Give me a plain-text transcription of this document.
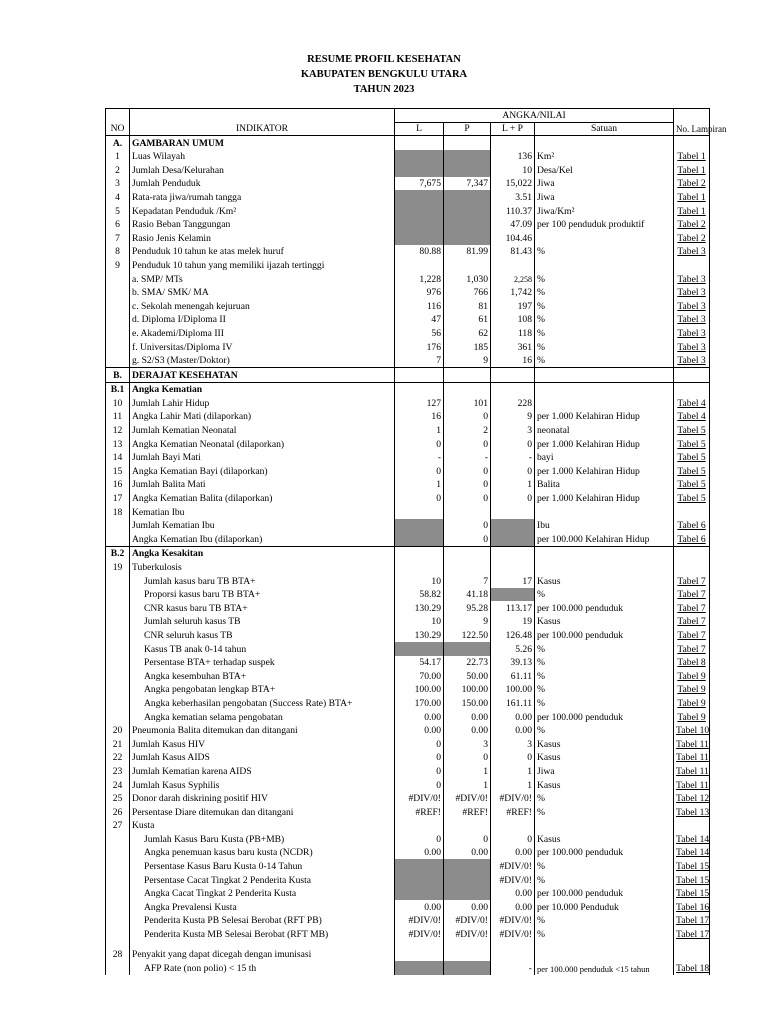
RESUME PROFIL KESEHATAN
KABUPATEN BENGKULU UTARA
TAHUN 2023
NO	INDIKATOR	ANGKA/NILAI				No. Lampiran
		L	P	L + P	Satuan	
A.	GAMBARAN UMUM					
1	Luas Wilayah			136	Km²	Tabel 1
2	Jumlah Desa/Kelurahan			10	Desa/Kel	Tabel 1
3	Jumlah Penduduk	7,675	7,347	15,022	Jiwa	Tabel 2
4	Rata-rata jiwa/rumah tangga			3.51	Jiwa	Tabel 1
5	Kepadatan Penduduk /Km²			110.37	Jiwa/Km²	Tabel 1
6	Rasio Beban Tanggungan			47.09	per 100 penduduk produktif	Tabel 2
7	Rasio Jenis Kelamin			104.46		Tabel 2
8	Penduduk 10 tahun ke atas melek huruf	80.88	81.99	81.43	%	Tabel 3
9	Penduduk 10 tahun yang memiliki ijazah tertinggi					
	a. SMP/ MTs	1,228	1,030	2,258	%	Tabel 3
	b. SMA/ SMK/ MA	976	766	1,742	%	Tabel 3
	c. Sekolah menengah kejuruan	116	81	197	%	Tabel 3
	d. Diploma I/Diploma II	47	61	108	%	Tabel 3
	e. Akademi/Diploma III	56	62	118	%	Tabel 3
	f. Universitas/Diploma IV	176	185	361	%	Tabel 3
	g. S2/S3 (Master/Doktor)	7	9	16	%	Tabel 3
B.	DERAJAT KESEHATAN					
B.1	Angka Kematian					
10	Jumlah Lahir Hidup	127	101	228		Tabel 4
11	Angka Lahir Mati (dilaporkan)	16	0	9	per 1.000 Kelahiran Hidup	Tabel 4
12	Jumlah Kematian Neonatal	1	2	3	neonatal	Tabel 5
13	Angka Kematian Neonatal (dilaporkan)	0	0	0	per 1.000 Kelahiran Hidup	Tabel 5
14	Jumlah Bayi Mati	-	-	-	bayi	Tabel 5
15	Angka Kematian Bayi (dilaporkan)	0	0	0	per 1.000 Kelahiran Hidup	Tabel 5
16	Jumlah Balita Mati	1	0	1	Balita	Tabel 5
17	Angka Kematian Balita (dilaporkan)	0	0	0	per 1.000 Kelahiran Hidup	Tabel 5
18	Kematian Ibu					
	Jumlah Kematian Ibu		0		Ibu	Tabel 6
	Angka Kematian Ibu (dilaporkan)		0		per 100.000 Kelahiran Hidup	Tabel 6
B.2	Angka Kesakitan					
19	Tuberkulosis					
	Jumlah kasus baru TB BTA+	10	7	17	Kasus	Tabel 7
	Proporsi kasus baru TB BTA+	58.82	41.18		%	Tabel 7
	CNR kasus baru TB BTA+	130.29	95.28	113.17	per 100.000 penduduk	Tabel 7
	Jumlah seluruh kasus TB	10	9	19	Kasus	Tabel 7
	CNR seluruh kasus TB	130.29	122.50	126.48	per 100.000 penduduk	Tabel 7
	Kasus TB anak 0-14 tahun			5.26	%	Tabel 7
	Persentase BTA+ terhadap suspek	54.17	22.73	39.13	%	Tabel 8
	Angka kesembuhan BTA+	70.00	50.00	61.11	%	Tabel 9
	Angka pengobatan lengkap BTA+	100.00	100.00	100.00	%	Tabel 9
	Angka keberhasilan pengobatan (Success Rate) BTA+	170.00	150.00	161.11	%	Tabel 9
	Angka kematian selama pengobatan	0.00	0.00	0.00	per 100.000 penduduk	Tabel 9
20	Pneumonia Balita ditemukan dan ditangani	0.00	0.00	0.00	%	Tabel 10
21	Jumlah Kasus HIV	0	3	3	Kasus	Tabel 11
22	Jumlah Kasus AIDS	0	0	0	Kasus	Tabel 11
23	Jumlah Kematian karena AIDS	0	1	1	Jiwa	Tabel 11
24	Jumlah Kasus Syphilis	0	1	1	Kasus	Tabel 11
25	Donor darah diskrining positif HIV	#DIV/0!	#DIV/0!	#DIV/0!	%	Tabel 12
26	Persentase Diare ditemukan dan ditangani	#REF!	#REF!	#REF!	%	Tabel 13
27	Kusta					
	Jumlah Kasus Baru Kusta (PB+MB)	0	0	0	Kasus	Tabel 14
	Angka penemuan kasus baru kusta (NCDR)	0.00	0.00	0.00	per 100.000 penduduk	Tabel 14
	Persentase Kasus Baru Kusta 0-14 Tahun			#DIV/0!	%	Tabel 15
	Persentase Cacat Tingkat 2 Penderita Kusta			#DIV/0!	%	Tabel 15
	Angka Cacat Tingkat 2 Penderita Kusta			0.00	per 100.000 penduduk	Tabel 15
	Angka Prevalensi Kusta	0.00	0.00	0.00	per 10.000 Penduduk	Tabel 16
	Penderita Kusta PB Selesai Berobat (RFT PB)	#DIV/0!	#DIV/0!	#DIV/0!	%	Tabel 17
	Penderita Kusta MB Selesai Berobat (RFT MB)	#DIV/0!	#DIV/0!	#DIV/0!	%	Tabel 17
28	Penyakit yang dapat dicegah dengan imunisasi					
	AFP Rate (non polio) < 15 th			-	per 100.000 penduduk <15 tahun	Tabel 18
